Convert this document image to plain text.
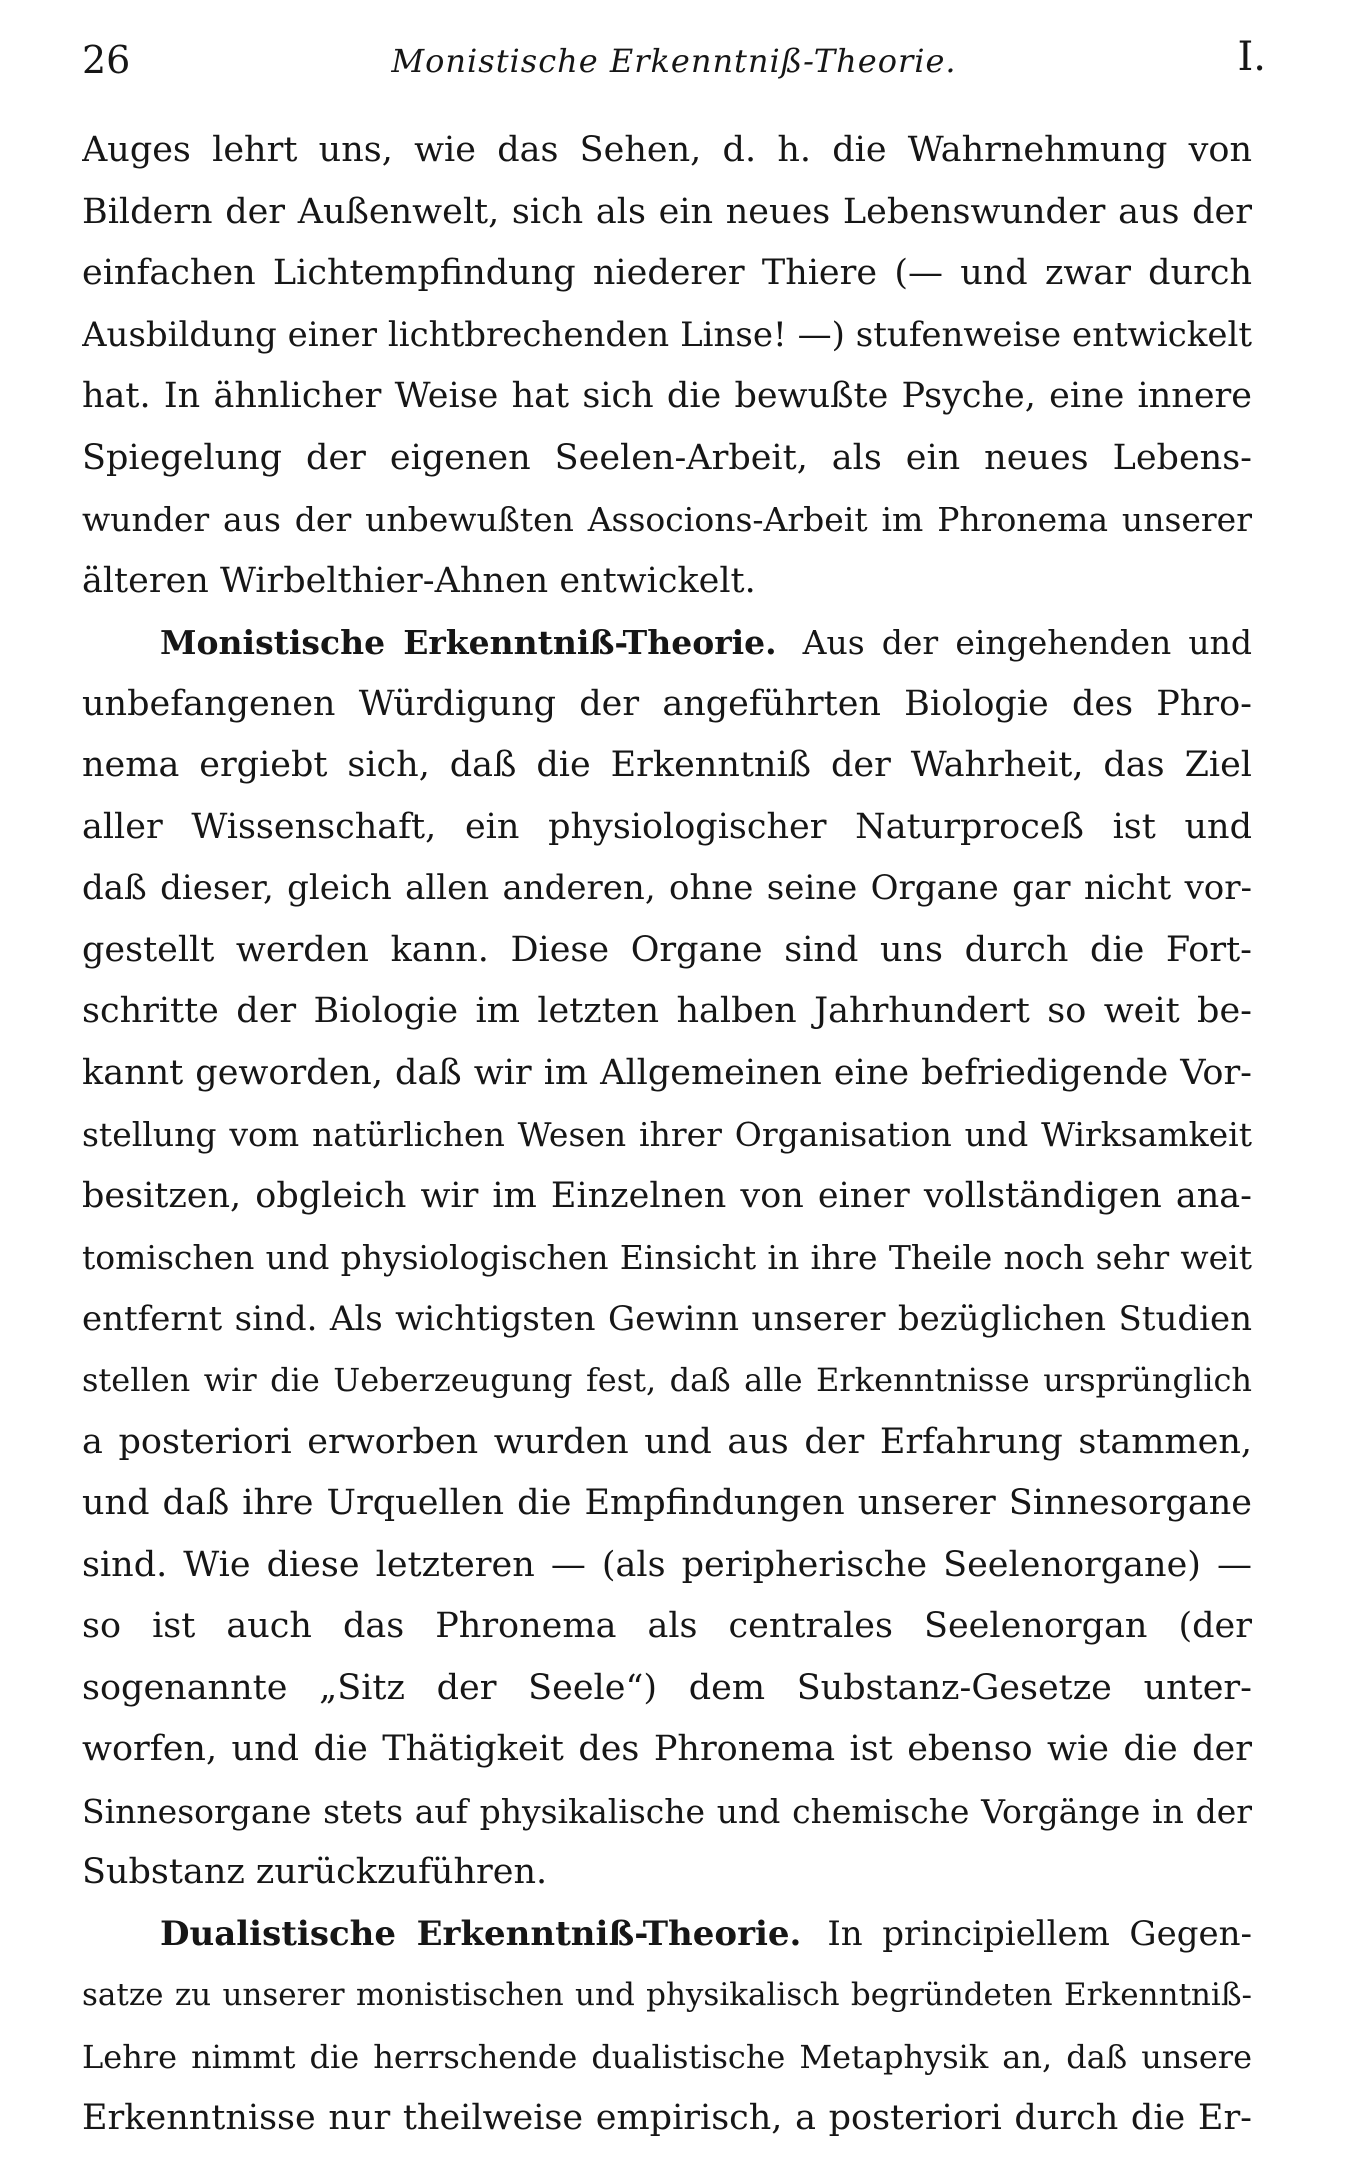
26	Monistische Erkenntniß-Theorie.	I.
Auges lehrt uns, wie das Sehen, d. h. die Wahrnehmung von
Bildern der Außenwelt, sich als ein neues Lebenswunder aus der
einfachen Lichtempfindung niederer Thiere (— und zwar durch
Ausbildung einer lichtbrechenden Linse! —) stufenweise entwickelt
hat. In ähnlicher Weise hat sich die bewußte Psyche, eine innere
Spiegelung der eigenen Seelen-Arbeit, als ein neues Lebens-
wunder aus der unbewußten Associons-Arbeit im Phronema unserer
älteren Wirbelthier-Ahnen entwickelt.
Monistische Erkenntniß-Theorie. Aus der eingehenden und
unbefangenen Würdigung der angeführten Biologie des Phro-
nema ergiebt sich, daß die Erkenntniß der Wahrheit, das Ziel
aller Wissenschaft, ein physiologischer Naturproceß ist und
daß dieser, gleich allen anderen, ohne seine Organe gar nicht vor-
gestellt werden kann. Diese Organe sind uns durch die Fort-
schritte der Biologie im letzten halben Jahrhundert so weit be-
kannt geworden, daß wir im Allgemeinen eine befriedigende Vor-
stellung vom natürlichen Wesen ihrer Organisation und Wirksamkeit
besitzen, obgleich wir im Einzelnen von einer vollständigen ana-
tomischen und physiologischen Einsicht in ihre Theile noch sehr weit
entfernt sind. Als wichtigsten Gewinn unserer bezüglichen Studien
stellen wir die Ueberzeugung fest, daß alle Erkenntnisse ursprünglich
a posteriori erworben wurden und aus der Erfahrung stammen,
und daß ihre Urquellen die Empfindungen unserer Sinnesorgane
sind. Wie diese letzteren — (als peripherische Seelenorgane) —
so ist auch das Phronema als centrales Seelenorgan (der
sogenannte „Sitz der Seele“) dem Substanz-Gesetze unter-
worfen, und die Thätigkeit des Phronema ist ebenso wie die der
Sinnesorgane stets auf physikalische und chemische Vorgänge in der
Substanz zurückzuführen.
Dualistische Erkenntniß-Theorie. In principiellem Gegen-
satze zu unserer monistischen und physikalisch begründeten Erkenntniß-
Lehre nimmt die herrschende dualistische Metaphysik an, daß unsere
Erkenntnisse nur theilweise empirisch, a posteriori durch die Er-
